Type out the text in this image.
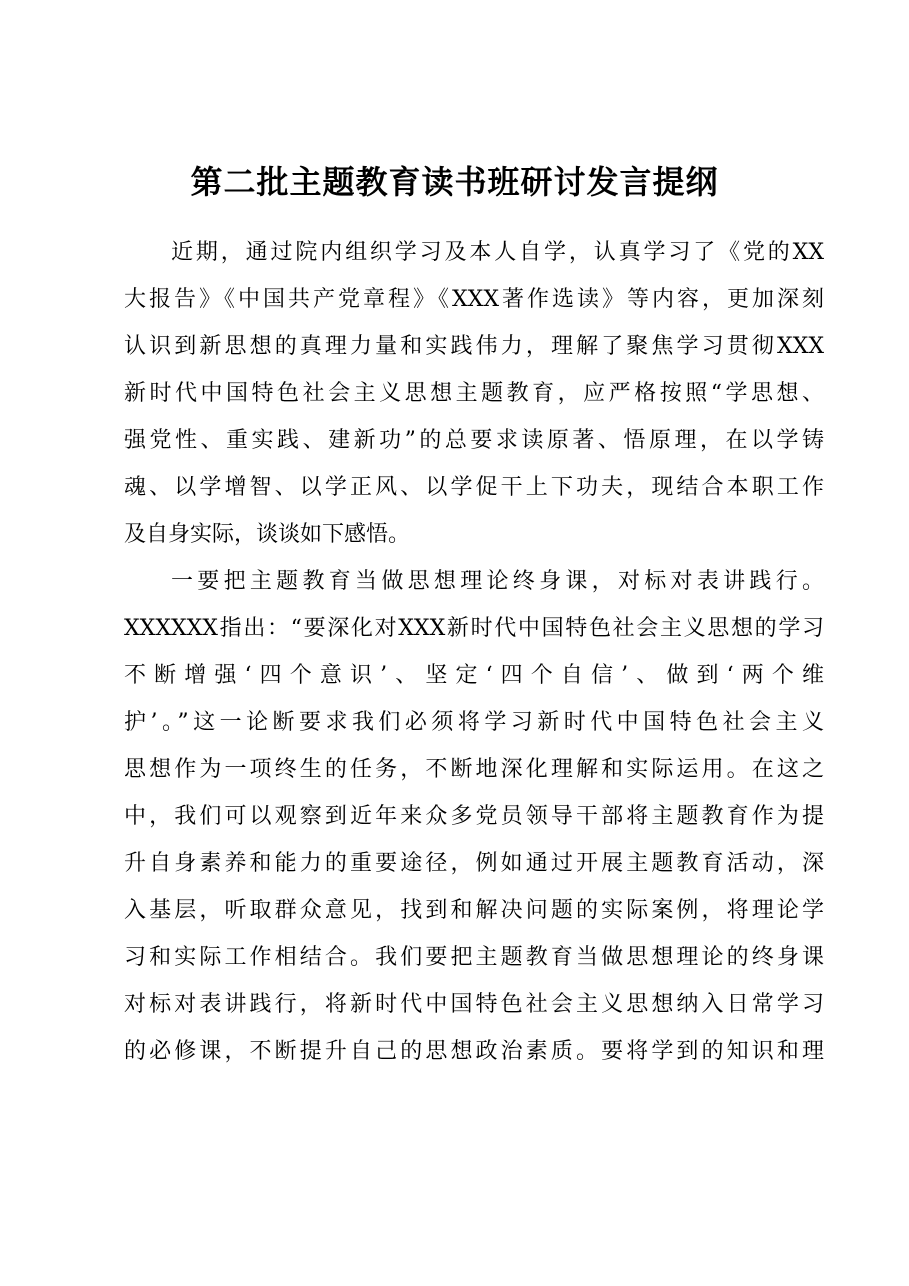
第二批主题教育读书班研讨发言提纲
近期，通过院内组织学习及本人自学，认真学习了《党的XX
大报告》《中国共产党章程》《XXX著作选读》等内容，更加深刻
认识到新思想的真理力量和实践伟力，理解了聚焦学习贯彻XXX
新时代中国特色社会主义思想主题教育，应严格按照“学思想、
强党性、重实践、建新功”的总要求读原著、悟原理，在以学铸
魂、以学增智、以学正风、以学促干上下功夫，现结合本职工作
及自身实际，谈谈如下感悟。
一要把主题教育当做思想理论终身课，对标对表讲践行。
XXXXXX指出：“要深化对XXX新时代中国特色社会主义思想的学习
不断增强‘四个意识’、坚定‘四个自信’、做到‘两个维
护’。”这一论断要求我们必须将学习新时代中国特色社会主义
思想作为一项终生的任务，不断地深化理解和实际运用。在这之
中，我们可以观察到近年来众多党员领导干部将主题教育作为提
升自身素养和能力的重要途径，例如通过开展主题教育活动，深
入基层，听取群众意见，找到和解决问题的实际案例，将理论学
习和实际工作相结合。我们要把主题教育当做思想理论的终身课
对标对表讲践行，将新时代中国特色社会主义思想纳入日常学习
的必修课，不断提升自己的思想政治素质。要将学到的知识和理
